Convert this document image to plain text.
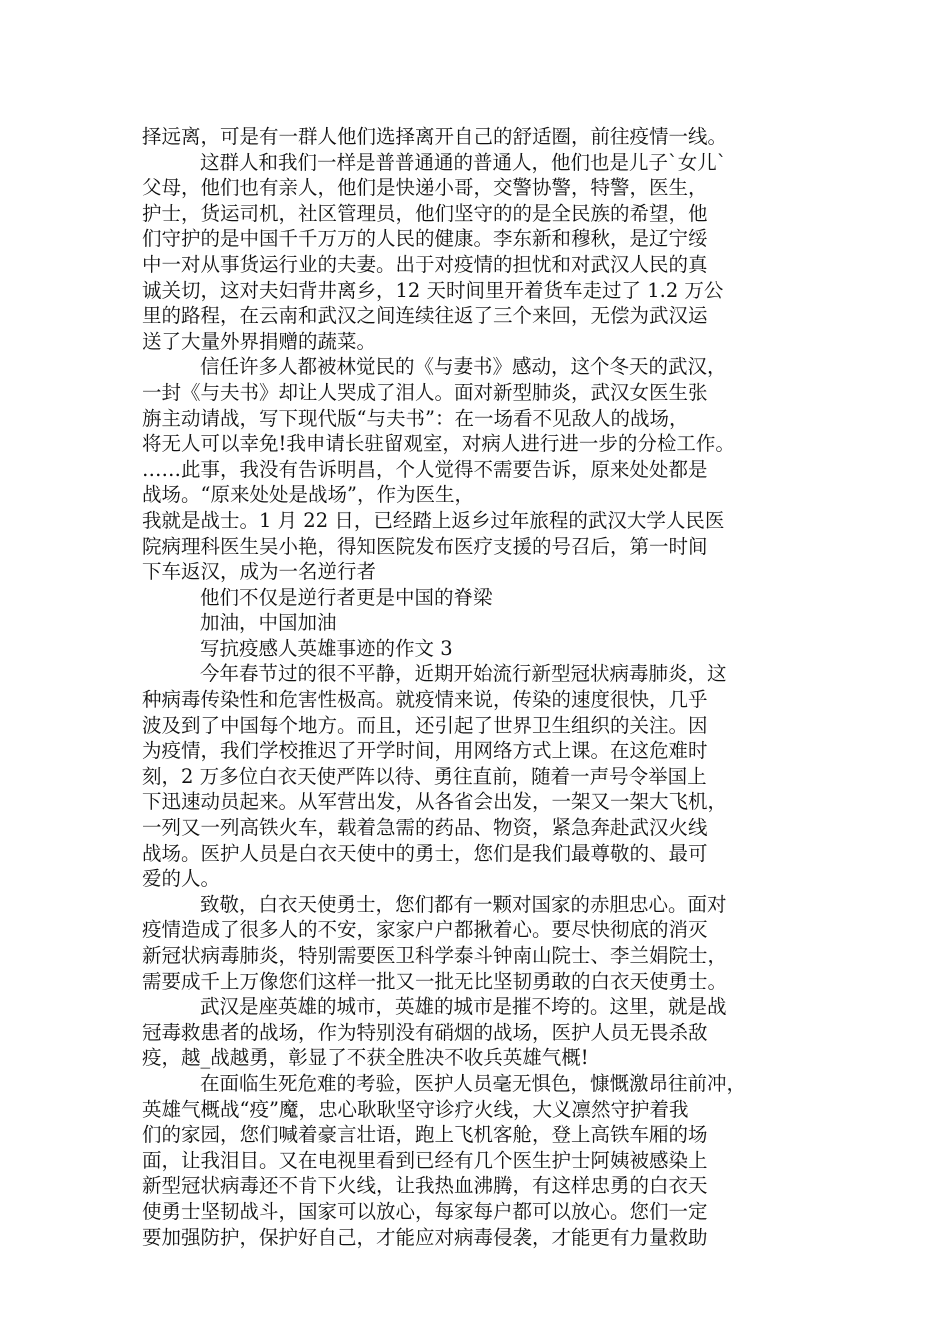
择远离，可是有一群人他们选择离开自己的舒适圈，前往疫情一线。
这群人和我们一样是普普通通的普通人，他们也是儿子`女儿`
父母，他们也有亲人，他们是快递小哥，交警协警，特警，医生，
护士，货运司机，社区管理员，他们坚守的的是全民族的希望，他
们守护的是中国千千万万的人民的健康。李东新和穆秋，是辽宁绥
中一对从事货运行业的夫妻。出于对疫情的担忧和对武汉人民的真
诚关切，这对夫妇背井离乡，12 天时间里开着货车走过了 1.2 万公
里的路程，在云南和武汉之间连续往返了三个来回，无偿为武汉运
送了大量外界捐赠的蔬菜。
信任许多人都被林觉民的《与妻书》感动，这个冬天的武汉，
一封《与夫书》却让人哭成了泪人。面对新型肺炎，武汉女医生张
旃主动请战，写下现代版“与夫书”：在一场看不见敌人的战场，
将无人可以幸免!我申请长驻留观室，对病人进行进一步的分检工作。
……此事，我没有告诉明昌，个人觉得不需要告诉，原来处处都是
战场。“原来处处是战场”，作为医生，
我就是战士。1 月 22 日，已经踏上返乡过年旅程的武汉大学人民医
院病理科医生吴小艳，得知医院发布医疗支援的号召后，第一时间
下车返汉，成为一名逆行者
他们不仅是逆行者更是中国的脊梁
加油，中国加油
写抗疫感人英雄事迹的作文 3
今年春节过的很不平静，近期开始流行新型冠状病毒肺炎，这
种病毒传染性和危害性极高。就疫情来说，传染的速度很快，几乎
波及到了中国每个地方。而且，还引起了世界卫生组织的关注。因
为疫情，我们学校推迟了开学时间，用网络方式上课。在这危难时
刻，2 万多位白衣天使严阵以待、勇往直前，随着一声号令举国上
下迅速动员起来。从军营出发，从各省会出发，一架又一架大飞机，
一列又一列高铁火车，载着急需的药品、物资，紧急奔赴武汉火线
战场。医护人员是白衣天使中的勇士，您们是我们最尊敬的、最可
爱的人。
致敬，白衣天使勇士，您们都有一颗对国家的赤胆忠心。面对
疫情造成了很多人的不安，家家户户都揪着心。要尽快彻底的消灭
新冠状病毒肺炎，特别需要医卫科学泰斗钟南山院士、李兰娟院士，
需要成千上万像您们这样一批又一批无比坚韧勇敢的白衣天使勇士。
武汉是座英雄的城市，英雄的城市是摧不垮的。这里，就是战
冠毒救患者的战场，作为特别没有硝烟的战场，医护人员无畏杀敌
疫，越_战越勇，彰显了不获全胜决不收兵英雄气概!
在面临生死危难的考验，医护人员毫无惧色，慷慨激昂往前冲，
英雄气概战“疫”魔，忠心耿耿坚守诊疗火线，大义凛然守护着我
们的家园，您们喊着豪言壮语，跑上飞机客舱，登上高铁车厢的场
面，让我泪目。又在电视里看到已经有几个医生护士阿姨被感染上
新型冠状病毒还不肯下火线，让我热血沸腾，有这样忠勇的白衣天
使勇士坚韧战斗，国家可以放心，每家每户都可以放心。您们一定
要加强防护，保护好自己，才能应对病毒侵袭，才能更有力量救助
